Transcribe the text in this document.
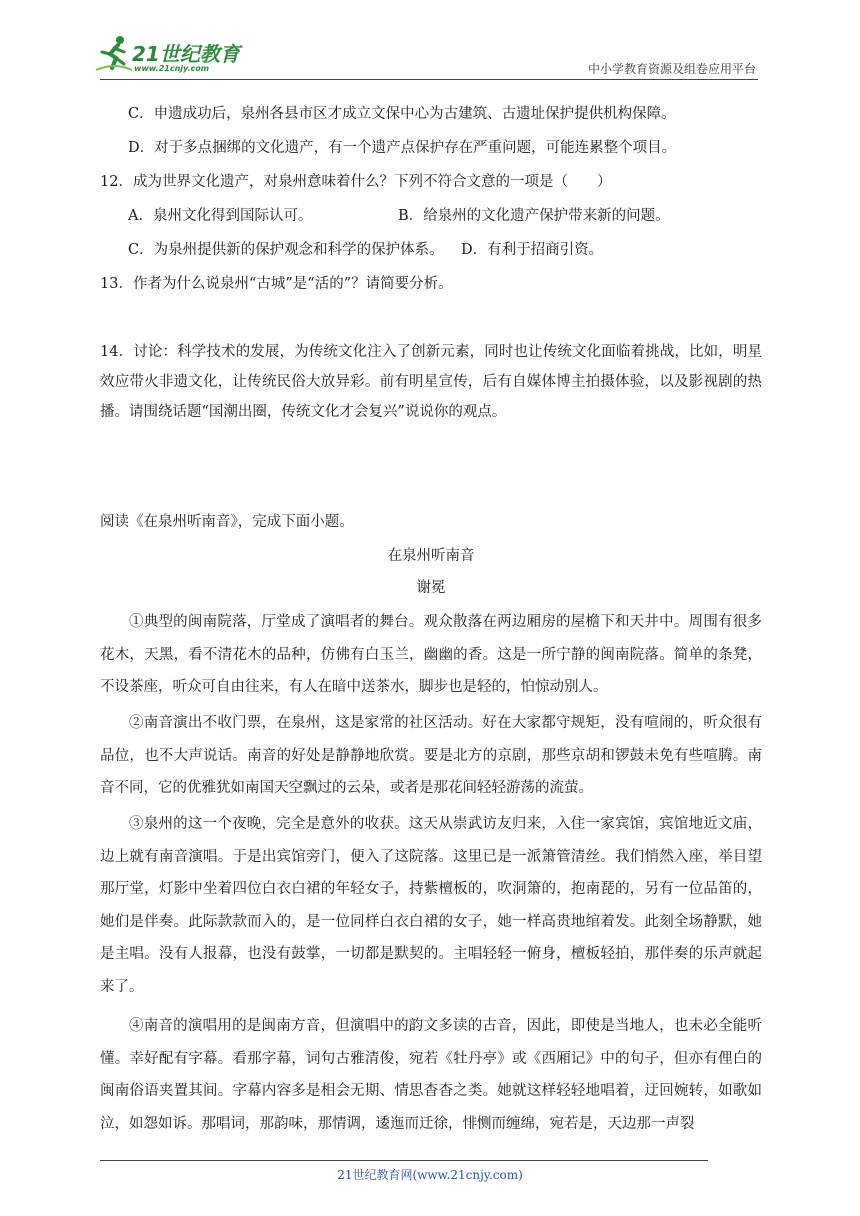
21世纪教育
www.21cnjy.com	中小学教育资源及组卷应用平台
C．申遗成功后，泉州各县市区才成立文保中心为古建筑、古遗址保护提供机构保障。
D．对于多点捆绑的文化遗产，有一个遗产点保护存在严重问题，可能连累整个项目。
12．成为世界文化遗产，对泉州意味着什么？下列不符合文意的一项是（　　）
A．泉州文化得到国际认可。	B．给泉州的文化遗产保护带来新的问题。
C．为泉州提供新的保护观念和科学的保护体系。 D．有利于招商引资。
13．作者为什么说泉州“古城”是“活的”？请简要分析。
14．讨论：科学技术的发展，为传统文化注入了创新元素，同时也让传统文化面临着挑战，比如，明星效应带火非遗文化，让传统民俗大放异彩。前有明星宣传，后有自媒体博主拍摄体验，以及影视剧的热播。请围绕话题“国潮出圈，传统文化才会复兴”说说你的观点。
阅读《在泉州听南音》，完成下面小题。
在泉州听南音
谢冕
①典型的闽南院落，厅堂成了演唱者的舞台。观众散落在两边厢房的屋檐下和天井中。周围有很多花木，天黑，看不清花木的品种，仿佛有白玉兰，幽幽的香。这是一所宁静的闽南院落。简单的条凳，不设茶座，听众可自由往来，有人在暗中送茶水，脚步也是轻的，怕惊动别人。
②南音演出不收门票，在泉州，这是家常的社区活动。好在大家都守规矩，没有喧闹的，听众很有品位，也不大声说话。南音的好处是静静地欣赏。要是北方的京剧，那些京胡和锣鼓未免有些喧腾。南音不同，它的优雅犹如南国天空飘过的云朵，或者是那花间轻轻游荡的流萤。
③泉州的这一个夜晚，完全是意外的收获。这天从崇武访友归来，入住一家宾馆，宾馆地近文庙，边上就有南音演唱。于是出宾馆旁门，便入了这院落。这里已是一派箫管清丝。我们悄然入座，举目望那厅堂，灯影中坐着四位白衣白裙的年轻女子，持紫檀板的，吹洞箫的，抱南琵的，另有一位品笛的，她们是伴奏。此际款款而入的，是一位同样白衣白裙的女子，她一样高贵地绾着发。此刻全场静默，她是主唱。没有人报幕，也没有鼓掌，一切都是默契的。主唱轻轻一俯身，檀板轻拍，那伴奏的乐声就起来了。
④南音的演唱用的是闽南方音，但演唱中的韵文多读的古音，因此，即使是当地人，也未必全能听懂。幸好配有字幕。看那字幕，词句古雅清俊，宛若《牡丹亭》或《西厢记》中的句子，但亦有俚白的闽南俗语夹置其间。字幕内容多是相会无期、情思杳杳之类。她就这样轻轻地唱着，迂回婉转，如歌如泣，如怨如诉。那唱词，那韵味，那情调，逶迤而迁徐，悱恻而缠绵，宛若是，天边那一声裂
21世纪教育网(www.21cnjy.com)
